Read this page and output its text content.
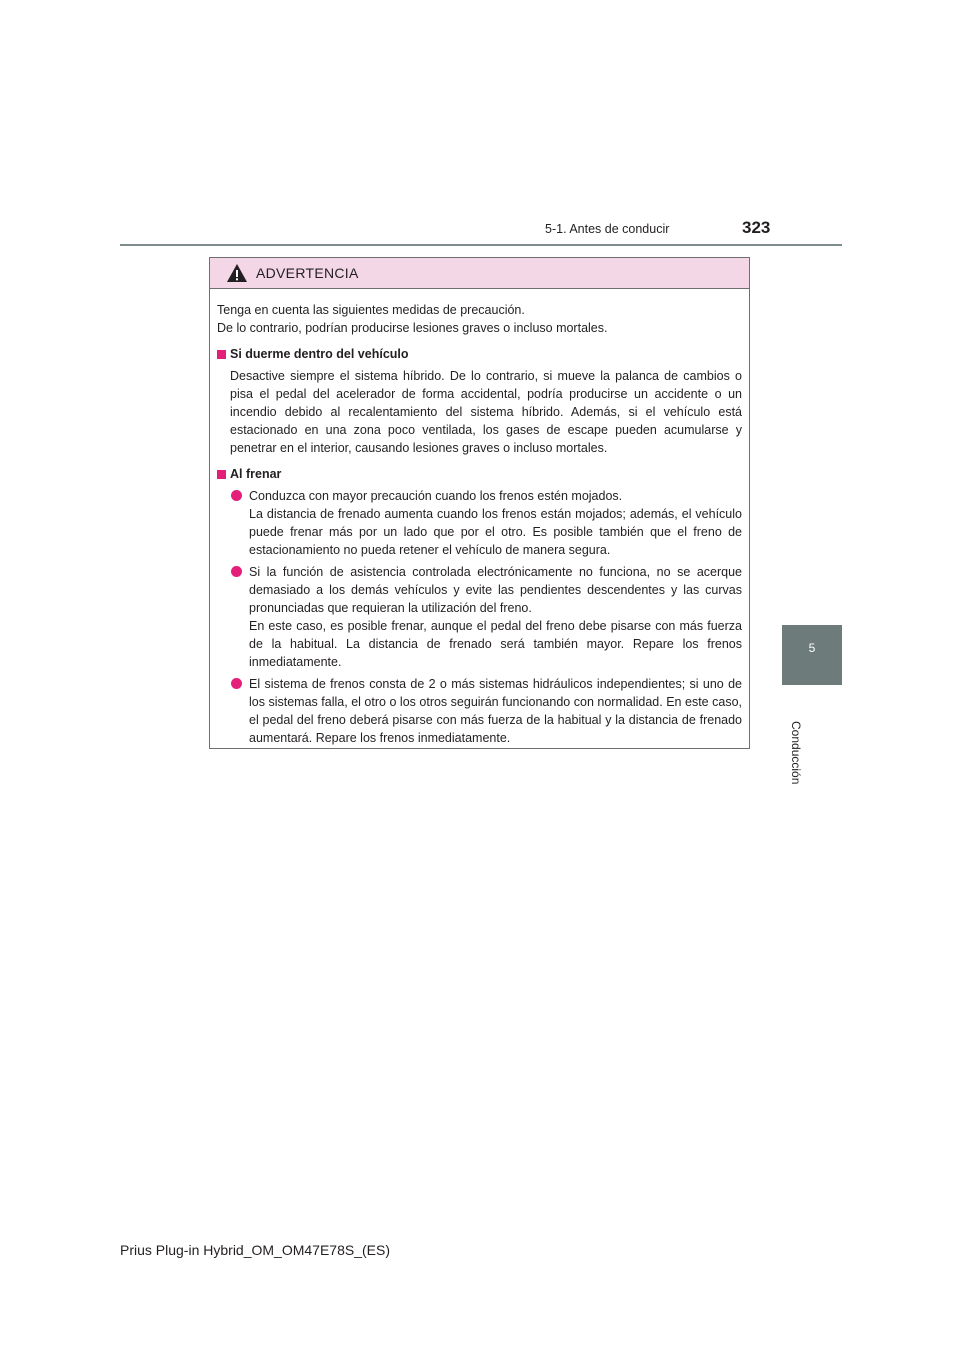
5-1. Antes de conducir	323
5
Conducción
ADVERTENCIA
Tenga en cuenta las siguientes medidas de precaución.
De lo contrario, podrían producirse lesiones graves o incluso mortales.
Si duerme dentro del vehículo
Desactive siempre el sistema híbrido. De lo contrario, si mueve la palanca de cambios o pisa el pedal del acelerador de forma accidental, podría producirse un accidente o un incendio debido al recalentamiento del sistema híbrido. Además, si el vehículo está estacionado en una zona poco ventilada, los gases de escape pueden acumularse y penetrar en el interior, causando lesiones graves o incluso mortales.
Al frenar
Conduzca con mayor precaución cuando los frenos estén mojados.
La distancia de frenado aumenta cuando los frenos están mojados; además, el vehículo puede frenar más por un lado que por el otro. Es posible también que el freno de estacionamiento no pueda retener el vehículo de manera segura.
Si la función de asistencia controlada electrónicamente no funciona, no se acerque demasiado a los demás vehículos y evite las pendientes descendentes y las curvas pronunciadas que requieran la utilización del freno.
En este caso, es posible frenar, aunque el pedal del freno debe pisarse con más fuerza de la habitual. La distancia de frenado será también mayor. Repare los frenos inmediatamente.
El sistema de frenos consta de 2 o más sistemas hidráulicos independientes; si uno de los sistemas falla, el otro o los otros seguirán funcionando con normalidad. En este caso, el pedal del freno deberá pisarse con más fuerza de la habitual y la distancia de frenado aumentará. Repare los frenos inmediatamente.
Prius Plug-in Hybrid_OM_OM47E78S_(ES)
